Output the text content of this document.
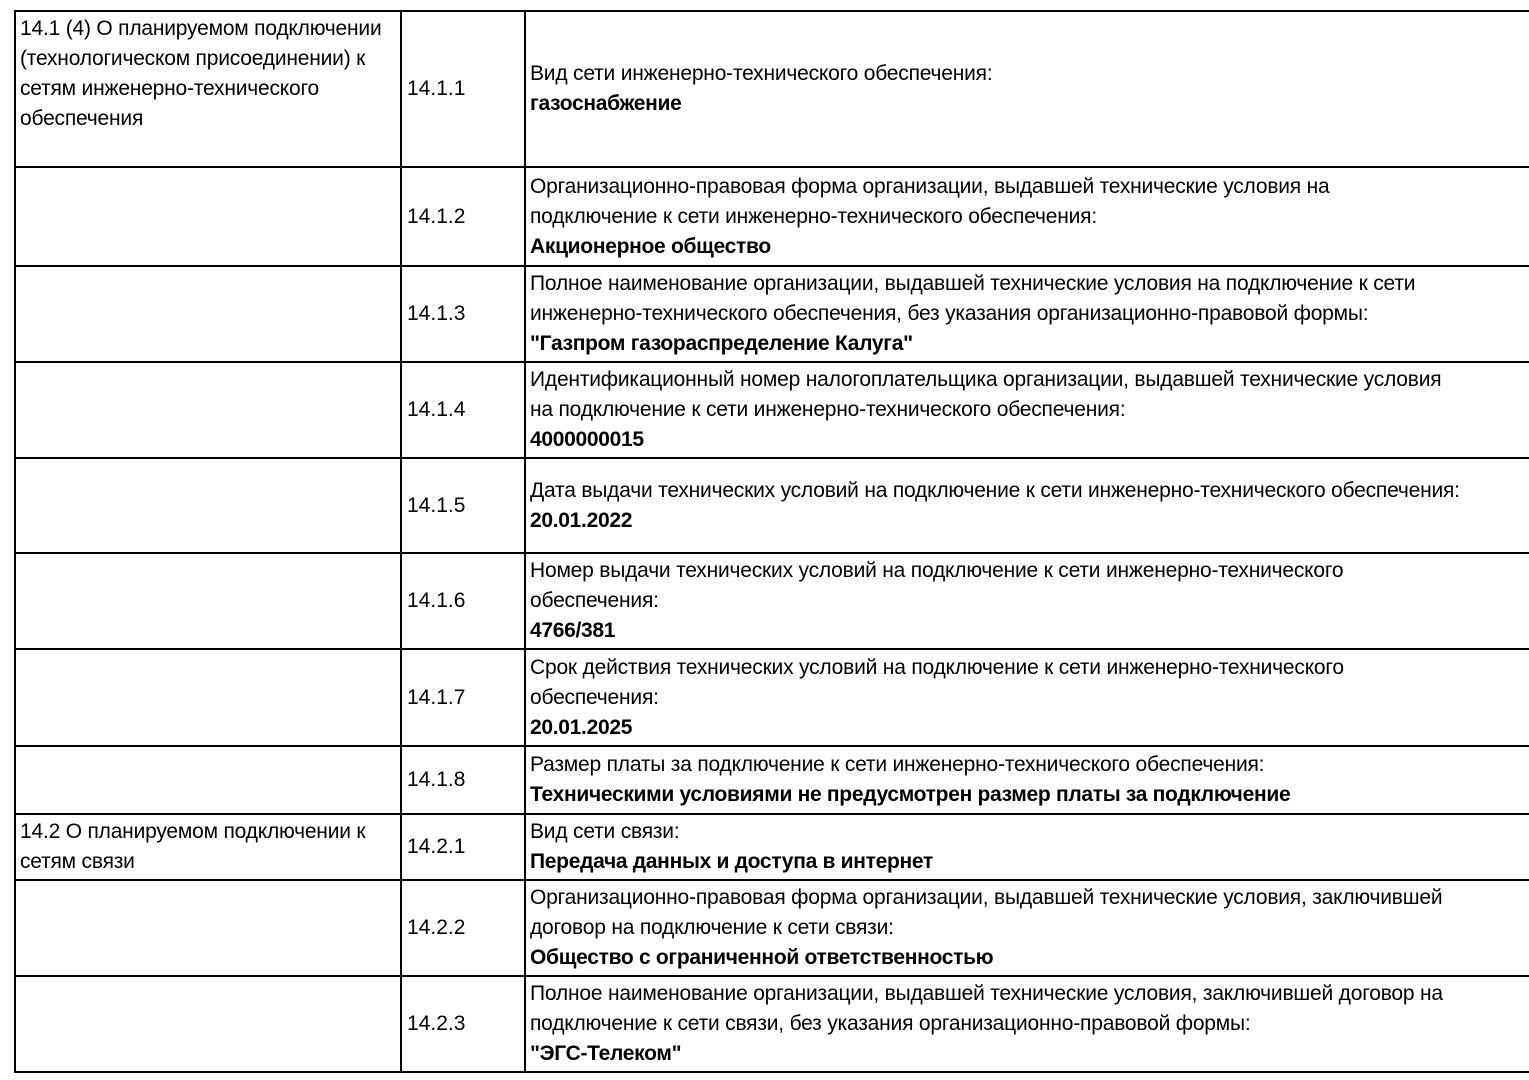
14.1 (4) О планируемом подключении (технологическом присоединении) к сетям инженерно-технического обеспечения	14.1.1	Вид сети инженерно-технического обеспечения:
газоснабжение

	14.1.2	Организационно-правовая форма организации, выдавшей технические условия на подключение к сети инженерно-технического обеспечения:
Акционерное общество

	14.1.3	Полное наименование организации, выдавшей технические условия на подключение к сети инженерно-технического обеспечения, без указания организационно-правовой формы:
"Газпром газораспределение Калуга"

	14.1.4	Идентификационный номер налогоплательщика организации, выдавшей технические условия на подключение к сети инженерно-технического обеспечения:
4000000015

	14.1.5	Дата выдачи технических условий на подключение к сети инженерно-технического обеспечения:
20.01.2022

	14.1.6	Номер выдачи технических условий на подключение к сети инженерно-технического обеспечения:
4766/381

	14.1.7	Срок действия технических условий на подключение к сети инженерно-технического обеспечения:
20.01.2025

	14.1.8	Размер платы за подключение к сети инженерно-технического обеспечения:
Техническими условиями не предусмотрен размер платы за подключение

14.2 О планируемом подключении к сетям связи	14.2.1	Вид сети связи:
Передача данных и доступа в интернет

	14.2.2	Организационно-правовая форма организации, выдавшей технические условия, заключившей договор на подключение к сети связи:
Общество с ограниченной ответственностью

	14.2.3	Полное наименование организации, выдавшей технические условия, заключившей договор на подключение к сети связи, без указания организационно-правовой формы:
"ЭГС-Телеком"
